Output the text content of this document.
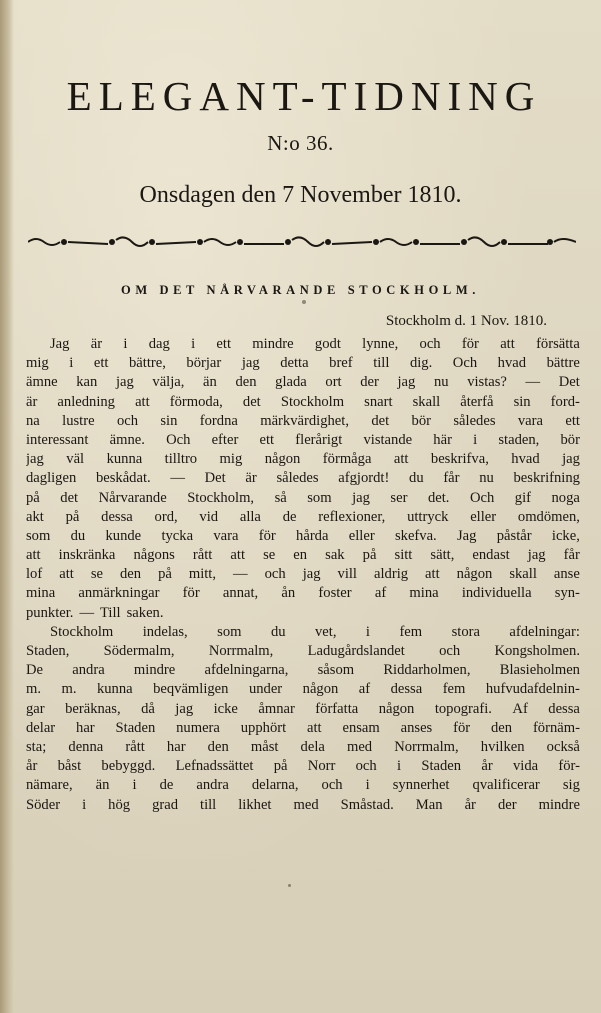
ELEGANT-TIDNING
N:o 36.
Onsdagen den 7 November 1810.
OM DET NÅRVARANDE STOCKHOLM.
Stockholm d. 1 Nov. 1810.
Jag är i dag i ett mindre godt lynne, och för att försätta
mig i ett bättre, börjar jag detta bref till dig. Och hvad bättre
ämne kan jag välja, än den glada ort der jag nu vistas? — Det
är anledning att förmoda, det Stockholm snart skall återfå sin ford-
na lustre och sin fordna märkvärdighet, det bör således vara ett
interessant ämne. Och efter ett flerårigt vistande här i staden, bör
jag väl kunna tilltro mig någon förmåga att beskrifva, hvad jag
dagligen beskådat. — Det är således afgjordt! du får nu beskrifning
på det Nårvarande Stockholm, så som jag ser det. Och gif noga
akt på dessa ord, vid alla de reflexioner, uttryck eller omdömen,
som du kunde tycka vara för hårda eller skefva. Jag påstår icke,
att inskränka någons rått att se en sak på sitt sätt, endast jag får
lof att se den på mitt, — och jag vill aldrig att någon skall anse
mina anmärkningar för annat, ån foster af mina individuella syn-
punkter. — Till saken.
Stockholm indelas, som du vet, i fem stora afdelningar:
Staden, Södermalm, Norrmalm, Ladugårdslandet och Kongsholmen.
De andra mindre afdelningarna, såsom Riddarholmen, Blasieholmen
m. m. kunna beqvämligen under någon af dessa fem hufvudafdelnin-
gar beräknas, då jag icke åmnar författa någon topografi. Af dessa
delar har Staden numera upphört att ensam anses för den förnäm-
sta; denna rått har den måst dela med Norrmalm, hvilken också
år båst bebyggd. Lefnadssättet på Norr och i Staden år vida för-
nämare, än i de andra delarna, och i synnerhet qvalificerar sig
Söder i hög grad till likhet med Småstad. Man år der mindre
